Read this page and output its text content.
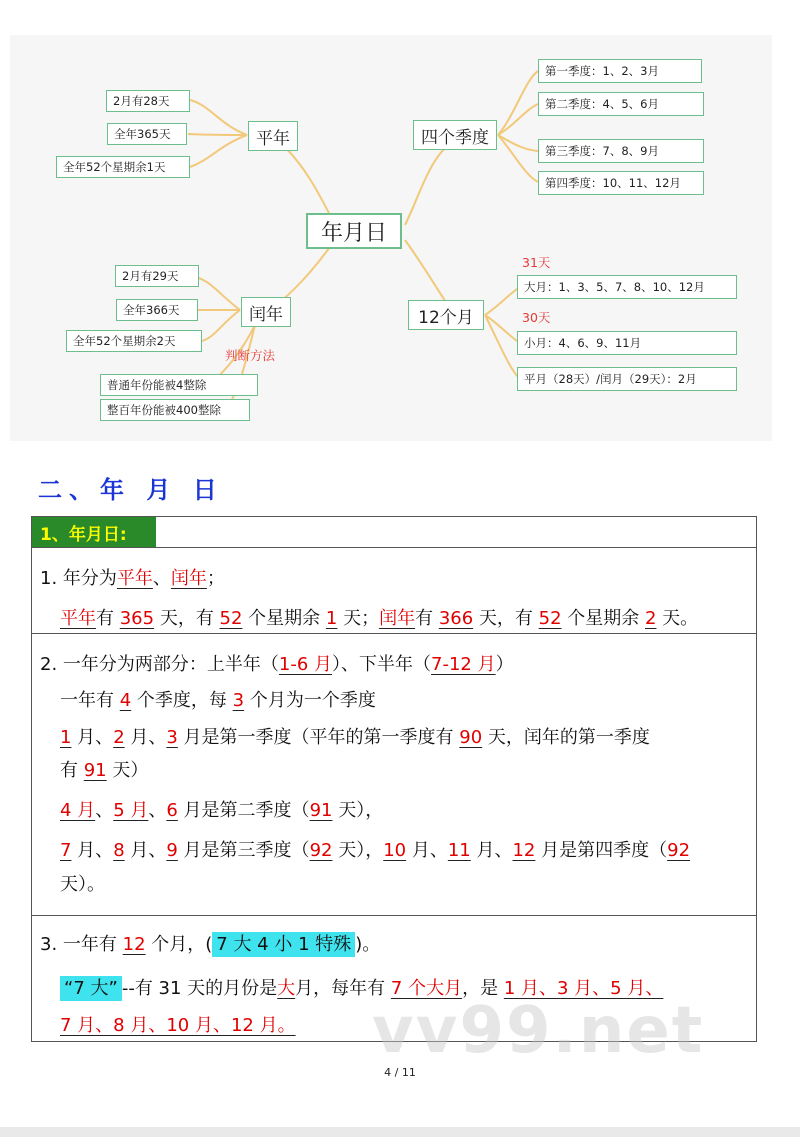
年月日
平年
2月有28天
全年365天
全年52个星期余1天
闰年
2月有29天
全年366天
全年52个星期余2天
判断方法
普通年份能被4整除
整百年份能被400整除
四个季度
第一季度：1、2、3月
第二季度：4、5、6月
第三季度：7、8、9月
第四季度：10、11、12月
12个月
31天
大月：1、3、5、7、8、10、12月
30天
小月：4、6、9、11月
平月（28天）/闰月（29天）：2月
二、年 月 日
1、年月日:
1. 年分为平年、闰年；
平年有 365 天，有 52 个星期余 1 天；闰年有 366 天，有 52 个星期余 2 天。
2. 一年分为两部分：上半年（1-6 月）、下半年（7-12 月）
一年有 4 个季度，每 3 个月为一个季度
1 月、2 月、3 月是第一季度（平年的第一季度有 90 天，闰年的第一季度
有 91 天）
4 月、5 月、6 月是第二季度（91 天），
7 月、8 月、9 月是第三季度（92 天），10 月、11 月、12 月是第四季度（92
天）。
3. 一年有 12 个月，( 7 大 4 小 1 特殊 )。
“7 大” --有 31 天的月份是大月，每年有 7 个大月，是 1 月、3 月、5 月、
7 月、8 月、10 月、12 月。 vv99.net
4 / 11
